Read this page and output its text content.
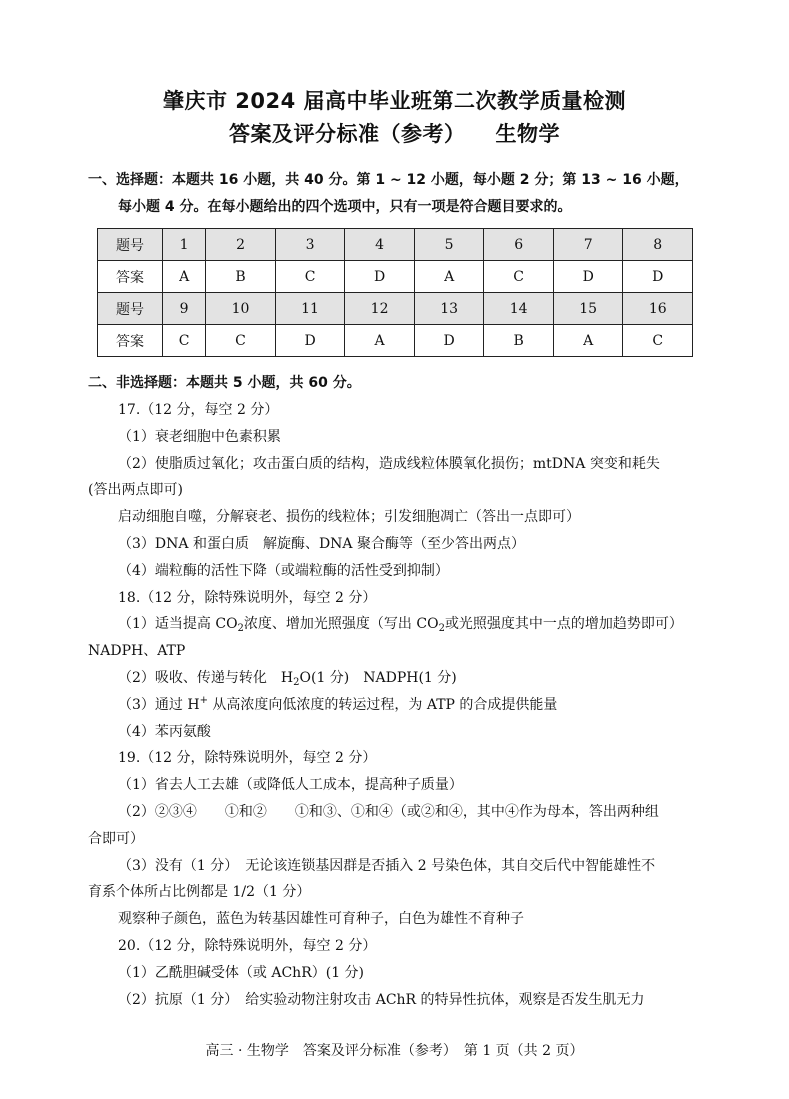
肇庆市 2024 届高中毕业班第二次教学质量检测
答案及评分标准（参考） 生物学
一、选择题：本题共 16 小题，共 40 分。第 1 ~ 12 小题，每小题 2 分；第 13 ~ 16 小题，
每小题 4 分。在每小题给出的四个选项中，只有一项是符合题目要求的。
题号	1	2	3	4	5	6	7	8
答案	A	B	C	D	A	C	D	D
题号	9	10	11	12	13	14	15	16
答案	C	C	D	A	D	B	A	C
二、非选择题：本题共 5 小题，共 60 分。
17.（12 分，每空 2 分）
（1）衰老细胞中色素积累
（2）使脂质过氧化；攻击蛋白质的结构，造成线粒体膜氧化损伤；mtDNA 突变和耗失
(答出两点即可)
启动细胞自噬，分解衰老、损伤的线粒体；引发细胞凋亡（答出一点即可）
（3）DNA 和蛋白质　解旋酶、DNA 聚合酶等（至少答出两点）
（4）端粒酶的活性下降（或端粒酶的活性受到抑制）
18.（12 分，除特殊说明外，每空 2 分）
（1）适当提高 $CO_2$浓度、增加光照强度（写出 $CO_2$或光照强度其中一点的增加趋势即可）
NADPH、ATP
（2）吸收、传递与转化　$H_2O(1$ 分)　NADPH(1 分)
（3）通过 H+ 从高浓度向低浓度的转运过程，为 ATP 的合成提供能量
（4）苯丙氨酸
19.（12 分，除特殊说明外，每空 2 分）
（1）省去人工去雄（或降低人工成本，提高种子质量）
（2）②③④　　①和②　　①和③、①和④（或②和④，其中④作为母本，答出两种组
合即可）
（3）没有（1 分）　无论该连锁基因群是否插入 2 号染色体，其自交后代中智能雄性不
育系个体所占比例都是 1/2（1 分）
观察种子颜色，蓝色为转基因雄性可育种子，白色为雄性不育种子
20.（12 分，除特殊说明外，每空 2 分）
（1）乙酰胆碱受体（或 AChR）(1 分)
（2）抗原（1 分）　给实验动物注射攻击 AChR 的特异性抗体，观察是否发生肌无力
高三 · 生物学　答案及评分标准（参考）　第 1 页（共 2 页）
